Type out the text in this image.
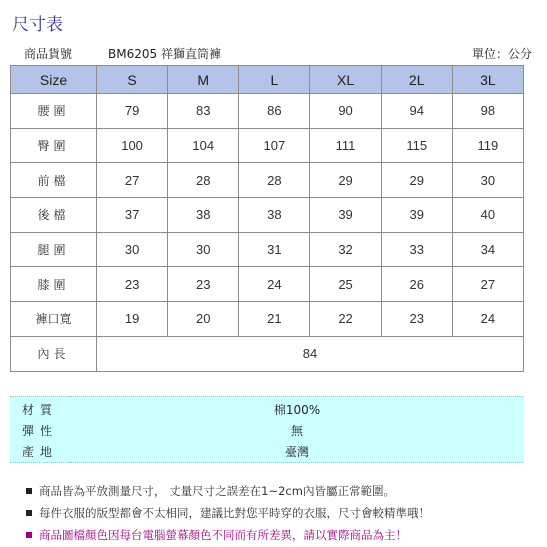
尺寸表
商品貨號	BM6205 祥獅直筒褲	單位：公分
Size	S	M	L	XL	2L	3L
腰圍	79	83	86	90	94	98
臀圍	100	104	107	111	115	119
前檔	27	28	28	29	29	30
後檔	37	38	38	39	39	40
腿圍	30	30	31	32	33	34
膝圍	23	23	24	25	26	27
褲口寬	19	20	21	22	23	24
內長	84					
材質	棉100%	
彈性	無	
產地	臺灣	
商品皆為平放測量尺寸， 丈量尺寸之誤差在1~2cm內皆屬正常範圍。
每件衣服的版型都會不太相同，建議比對您平時穿的衣服，尺寸會較精準哦！
商品圖檔顏色因每台電腦螢幕顏色不同而有所差異，請以實際商品為主！
